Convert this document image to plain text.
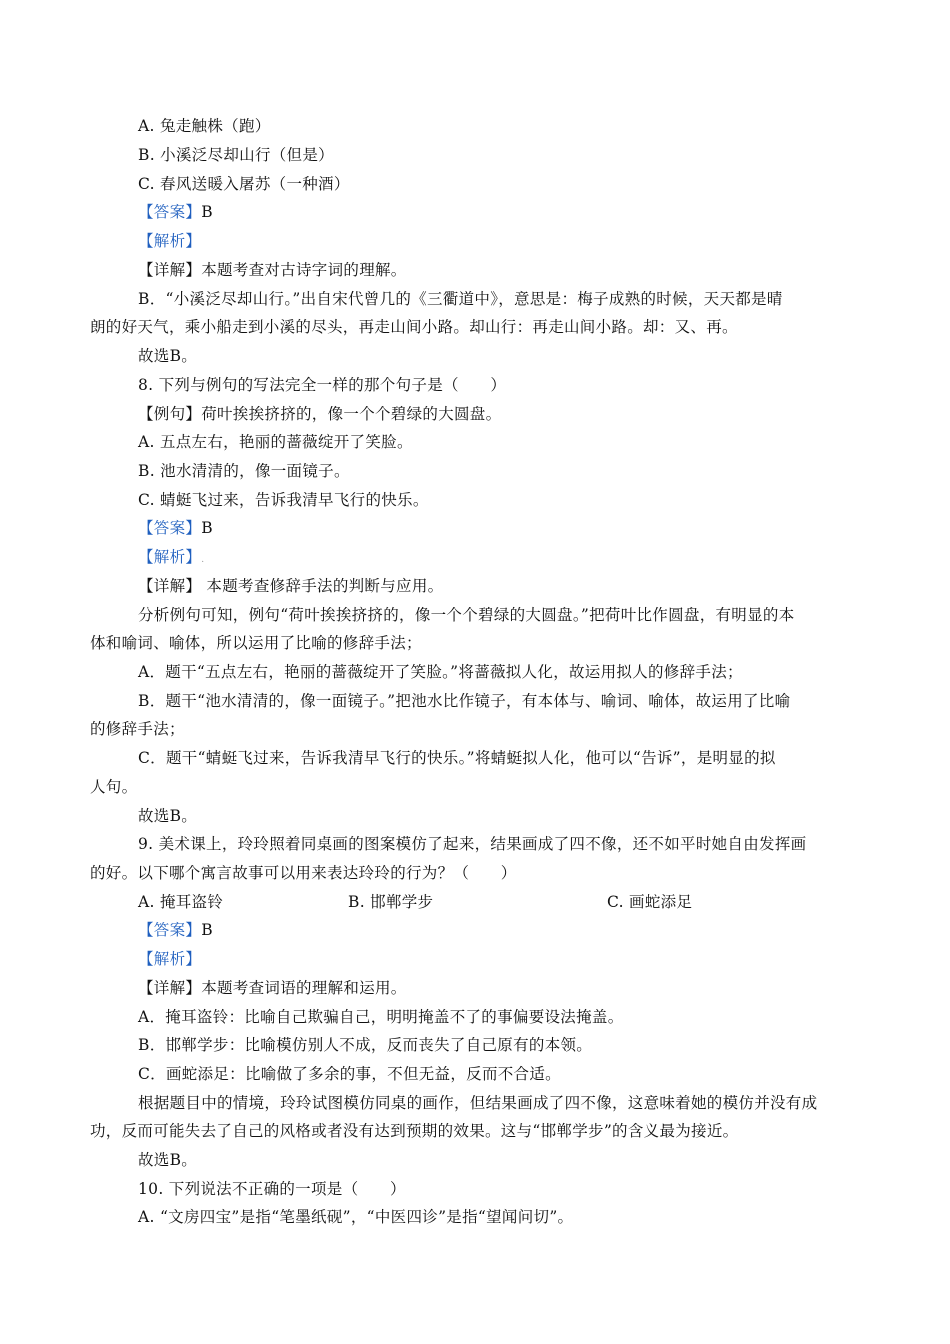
A. 兔走触株（跑）
B. 小溪泛尽却山行（但是）
C. 春风送暖入屠苏（一种酒）
【答案】B
【解析】
【详解】本题考查对古诗字词的理解。
B．“小溪泛尽却山行。”出自宋代曾几的《三衢道中》，意思是：梅子成熟的时候，天天都是晴
朗的好天气，乘小船走到小溪的尽头，再走山间小路。却山行：再走山间小路。却：又、再。
故选B。
8. 下列与例句的写法完全一样的那个句子是（　　）
【例句】荷叶挨挨挤挤的，像一个个碧绿的大圆盘。
A. 五点左右，艳丽的蔷薇绽开了笑脸。
B. 池水清清的，像一面镜子。
C. 蜻蜓飞过来，告诉我清早飞行的快乐。
【答案】B
【解析】.
【详解】 本题考查修辞手法的判断与应用。
分析例句可知，例句“荷叶挨挨挤挤的，像一个个碧绿的大圆盘。”把荷叶比作圆盘，有明显的本
体和喻词、喻体，所以运用了比喻的修辞手法；
A．题干“五点左右，艳丽的蔷薇绽开了笑脸。”将蔷薇拟人化，故运用拟人的修辞手法；
B．题干“池水清清的，像一面镜子。”把池水比作镜子，有本体与、喻词、喻体，故运用了比喻
的修辞手法；
C．题干“蜻蜓飞过来，告诉我清早飞行的快乐。”将蜻蜓拟人化，他可以“告诉”，是明显的拟
人句。
故选B。
9. 美术课上，玲玲照着同桌画的图案模仿了起来，结果画成了四不像，还不如平时她自由发挥画
的好。以下哪个寓言故事可以用来表达玲玲的行为？（　　）
A. 掩耳盗铃	B. 邯郸学步	C. 画蛇添足
【答案】B
【解析】
【详解】本题考查词语的理解和运用。
A．掩耳盗铃：比喻自己欺骗自己，明明掩盖不了的事偏要设法掩盖。
B．邯郸学步：比喻模仿别人不成，反而丧失了自己原有的本领。
C．画蛇添足：比喻做了多余的事，不但无益，反而不合适。
根据题目中的情境，玲玲试图模仿同桌的画作，但结果画成了四不像，这意味着她的模仿并没有成
功，反而可能失去了自己的风格或者没有达到预期的效果。这与“邯郸学步”的含义最为接近。
故选B。
10. 下列说法不正确的一项是（　　）
A. “文房四宝”是指“笔墨纸砚”，“中医四诊”是指“望闻问切”。
